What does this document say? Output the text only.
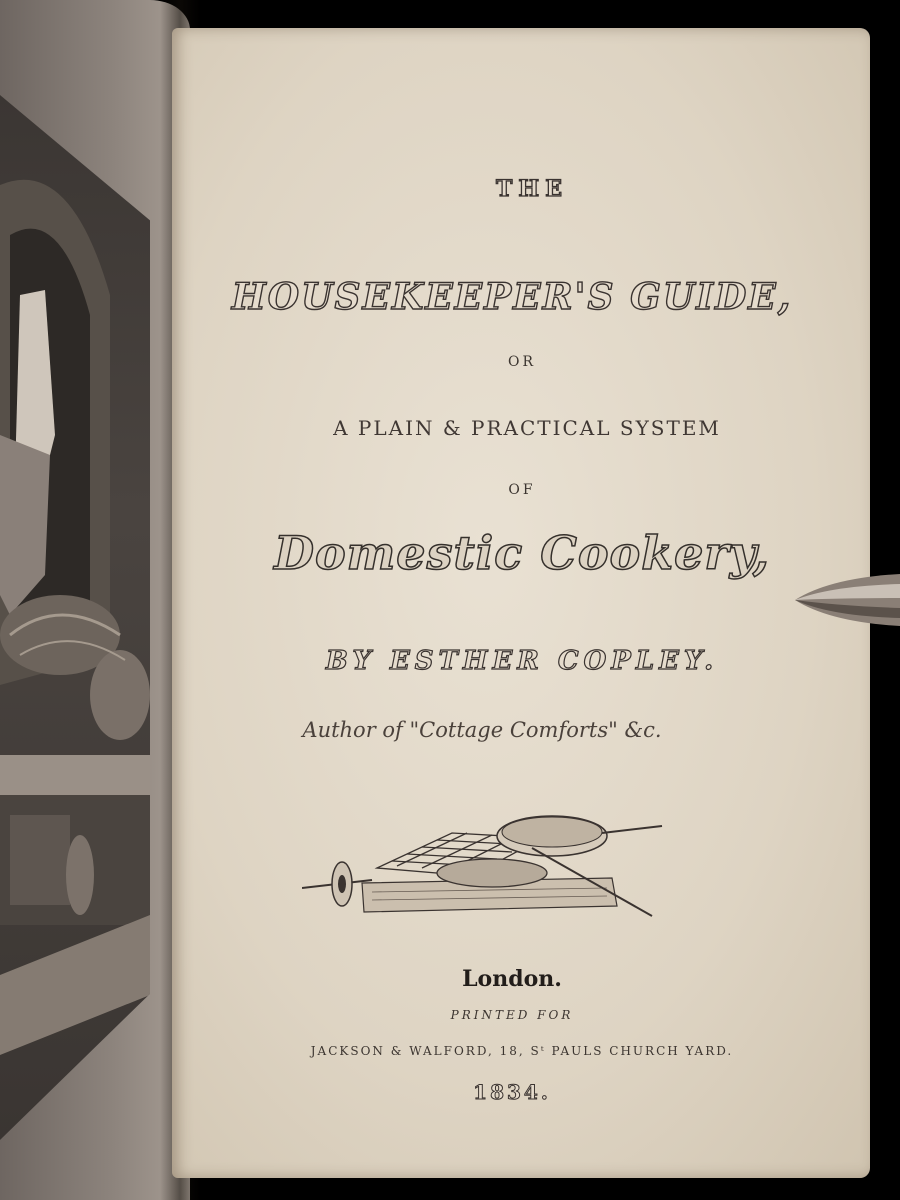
THE
HOUSEKEEPER'S GUIDE,
OR
A PLAIN & PRACTICAL SYSTEM
OF
Domestic Cookery,
BY ESTHER COPLEY.
Author of "Cottage Comforts" &c.
London.
PRINTED FOR
JACKSON & WALFORD, 18, Sᵗ PAULS CHURCH YARD.
1834.
